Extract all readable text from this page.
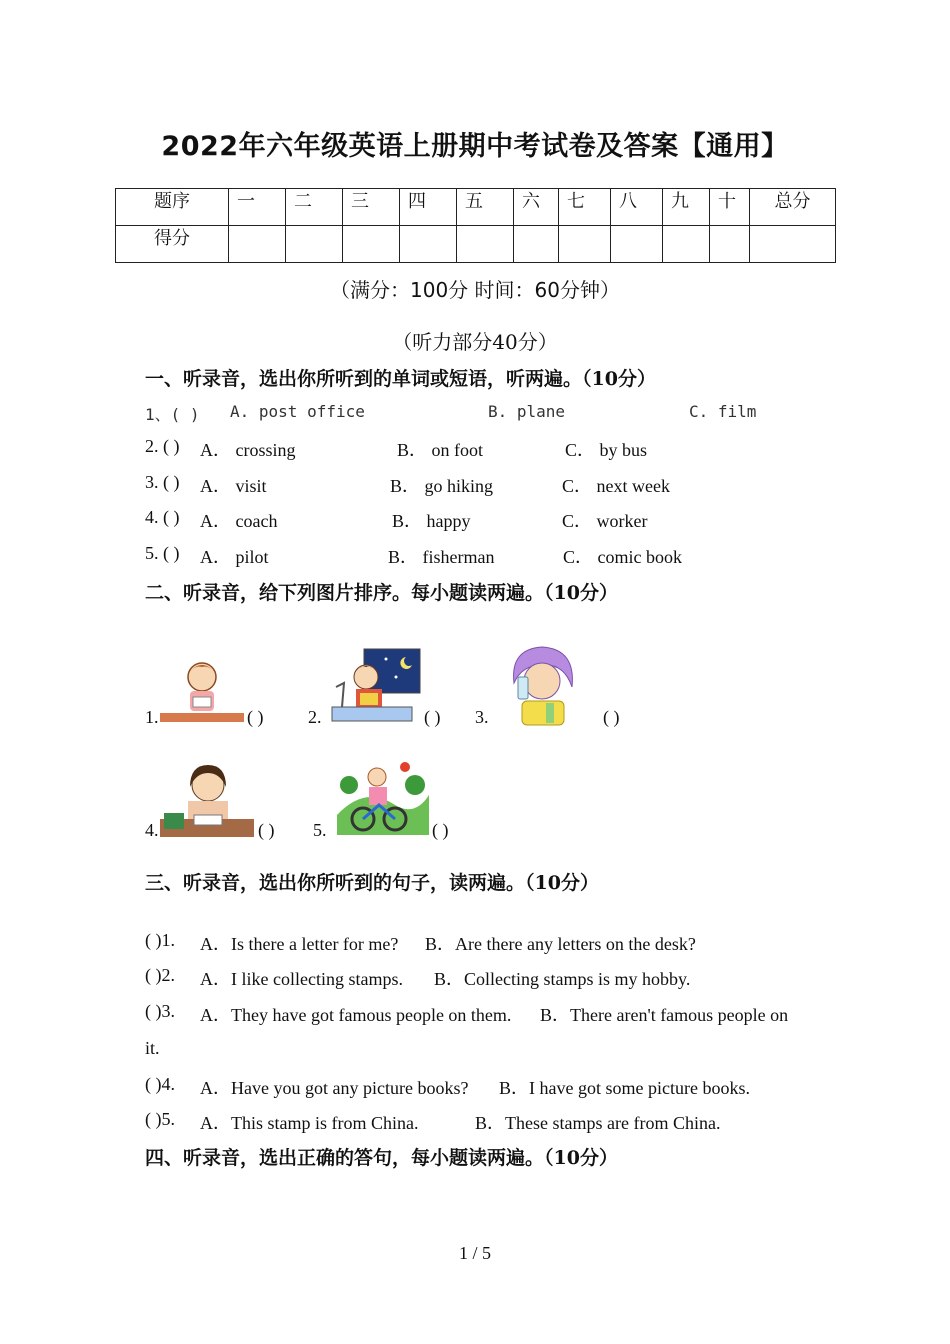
2022年六年级英语上册期中考试卷及答案【通用】
题序	一	二	三	四	五	六	七	八	九	十	总分
得分											
（满分：100分 时间：60分钟）
（听力部分40分）
一、听录音，选出你所听到的单词或短语，听两遍。（10分）
1、( ) A. post office	B. plane	C. film
2. ( ) A． crossing	B． on foot	C． by bus
3. ( ) A． visit	B． go hiking	C． next week
4. ( ) A． coach	B． happy	C． worker
5. ( ) A． pilot	B． fisherman	C． comic book
二、听录音，给下列图片排序。每小题读两遍。（10分）
1.	( ) 2.	( ) 3.	( )
4.	( ) 5.	( )
三、听录音，选出你所听到的句子，读两遍。（10分）
( )1. A．Is there a letter for me? B．Are there any letters on the desk?
( )2. A．I like collecting stamps. B．Collecting stamps is my hobby.
( )3. A．They have got famous people on them. B．There aren't famous people on
it.
( )4. A．Have you got any picture books? B．I have got some picture books.
( )5. A．This stamp is from China.	B．These stamps are from China.
四、听录音，选出正确的答句，每小题读两遍。（10分）
1 / 5
